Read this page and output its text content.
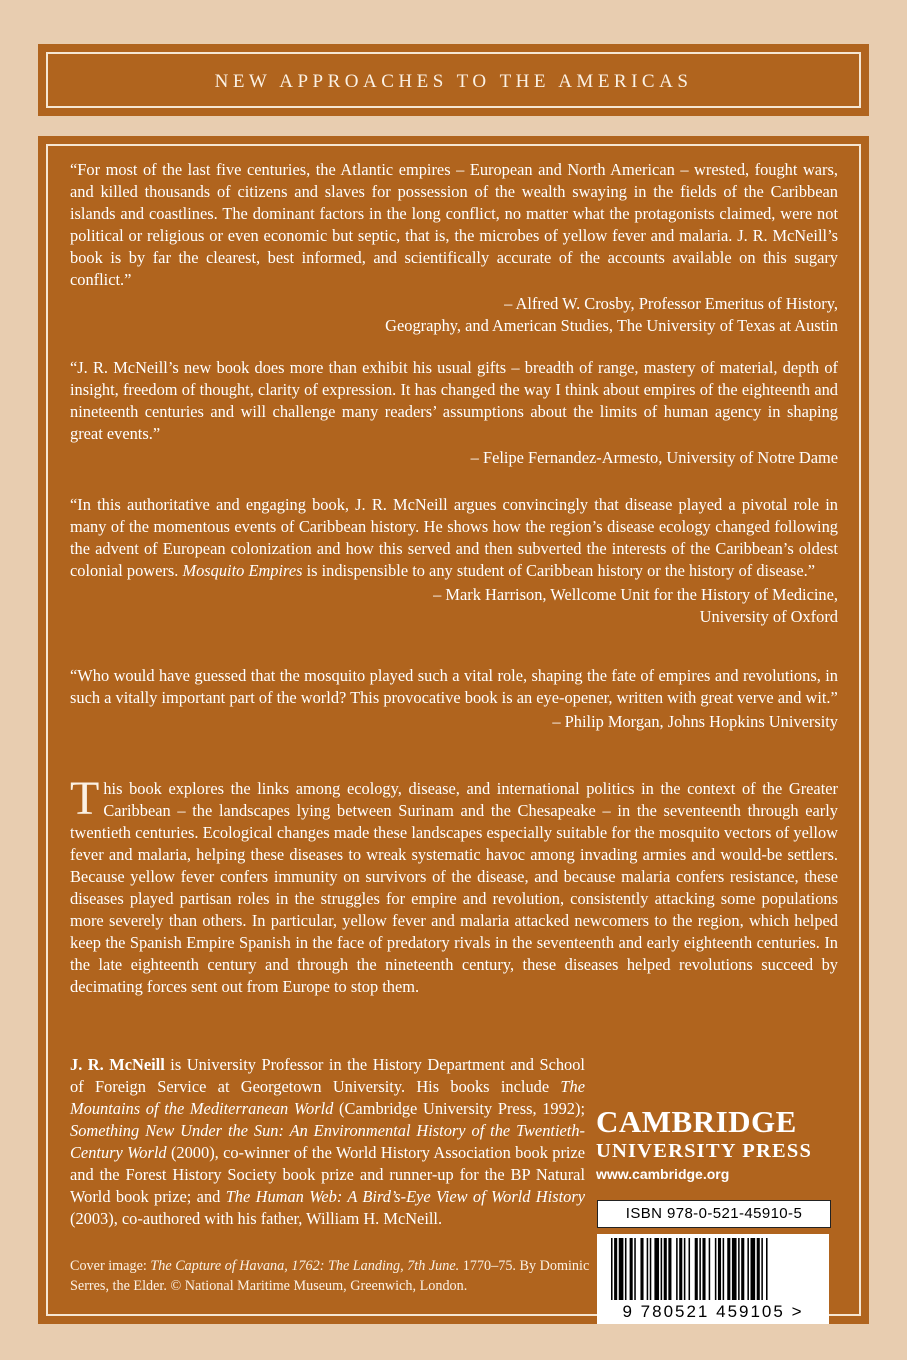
NEW APPROACHES TO THE AMERICAS

“For most of the last five centuries, the Atlantic empires – European and North American – wrested, fought wars, and killed thousands of citizens and slaves for possession of the wealth swaying in the fields of the Caribbean islands and coastlines. The dominant factors in the long conflict, no matter what the protagonists claimed, were not political or religious or even economic but septic, that is, the microbes of yellow fever and malaria. J. R. McNeill’s book is by far the clearest, best informed, and scientifically accurate of the accounts available on this sugary conflict.”

– Alfred W. Crosby, Professor Emeritus of History,
Geography, and American Studies, The University of Texas at Austin

“J. R. McNeill’s new book does more than exhibit his usual gifts – breadth of range, mastery of material, depth of insight, freedom of thought, clarity of expression. It has changed the way I think about empires of the eighteenth and nineteenth centuries and will challenge many readers’ assumptions about the limits of human agency in shaping great events.”

– Felipe Fernandez-Armesto, University of Notre Dame

“In this authoritative and engaging book, J. R. McNeill argues convincingly that disease played a pivotal role in many of the momentous events of Caribbean history. He shows how the region’s disease ecology changed following the advent of European colonization and how this served and then subverted the interests of the Caribbean’s oldest colonial powers. Mosquito Empires is indispensible to any student of Caribbean history or the history of disease.”

– Mark Harrison, Wellcome Unit for the History of Medicine,
University of Oxford

“Who would have guessed that the mosquito played such a vital role, shaping the fate of empires and revolutions, in such a vitally important part of the world? This provocative book is an eye-opener, written with great verve and wit.”

– Philip Morgan, Johns Hopkins University

This book explores the links among ecology, disease, and international politics in the context of the Greater Caribbean – the landscapes lying between Surinam and the Chesapeake – in the seventeenth through early twentieth centuries. Ecological changes made these landscapes especially suitable for the mosquito vectors of yellow fever and malaria, helping these diseases to wreak systematic havoc among invading armies and would-be settlers. Because yellow fever confers immunity on survivors of the disease, and because malaria confers resistance, these diseases played partisan roles in the struggles for empire and revolution, consistently attacking some populations more severely than others. In particular, yellow fever and malaria attacked newcomers to the region, which helped keep the Spanish Empire Spanish in the face of predatory rivals in the seventeenth and early eighteenth centuries. In the late eighteenth century and through the nineteenth century, these diseases helped revolutions succeed by decimating forces sent out from Europe to stop them.

J. R. McNeill is University Professor in the History Department and School of Foreign Service at Georgetown University. His books include The Mountains of the Mediterranean World (Cambridge University Press, 1992); Something New Under the Sun: An Environmental History of the Twentieth-Century World (2000), co-winner of the World History Association book prize and the Forest History Society book prize and runner-up for the BP Natural World book prize; and The Human Web: A Bird’s-Eye View of World History (2003), co-authored with his father, William H. McNeill.

Cover image: The Capture of Havana, 1762: The Landing, 7th June. 1770–75. By Dominic Serres, the Elder. © National Maritime Museum, Greenwich, London.
CAMBRIDGE
UNIVERSITY PRESS
www.cambridge.org
ISBN 978-0-521-45910-5
9 780521 459105 >
